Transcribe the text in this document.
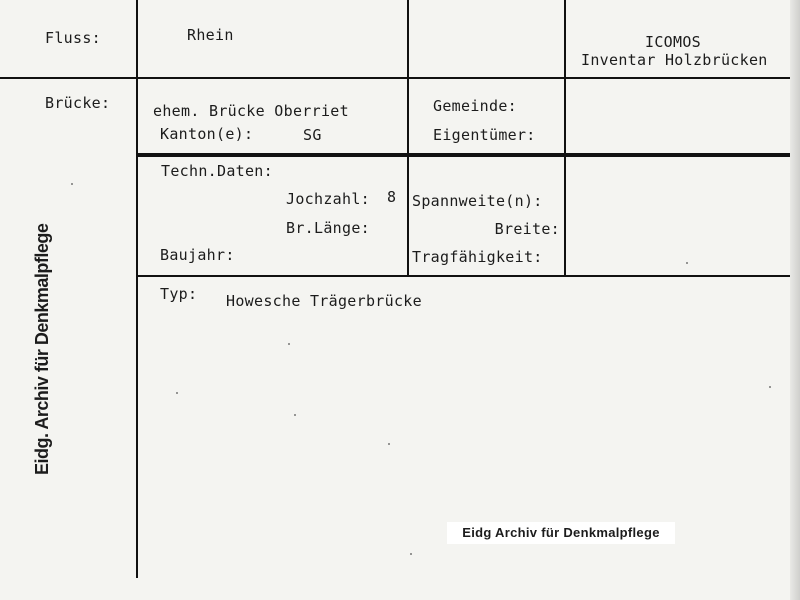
Fluss:	Rhein	ICOMOS
Inventar Holzbrücken
Brücke:	ehem. Brücke Oberriet
Kanton(e):	SG
Gemeinde:
Eigentümer:
Techn.Daten:
Jochzahl: 8
Br.Länge:
Baujahr:
Spannweite(n):
Breite:
Tragfähigkeit:
Typ: Howesche Trägerbrücke
Eidg. Archiv für Denkmalpflege
Eidg Archiv für Denkmalpflege
